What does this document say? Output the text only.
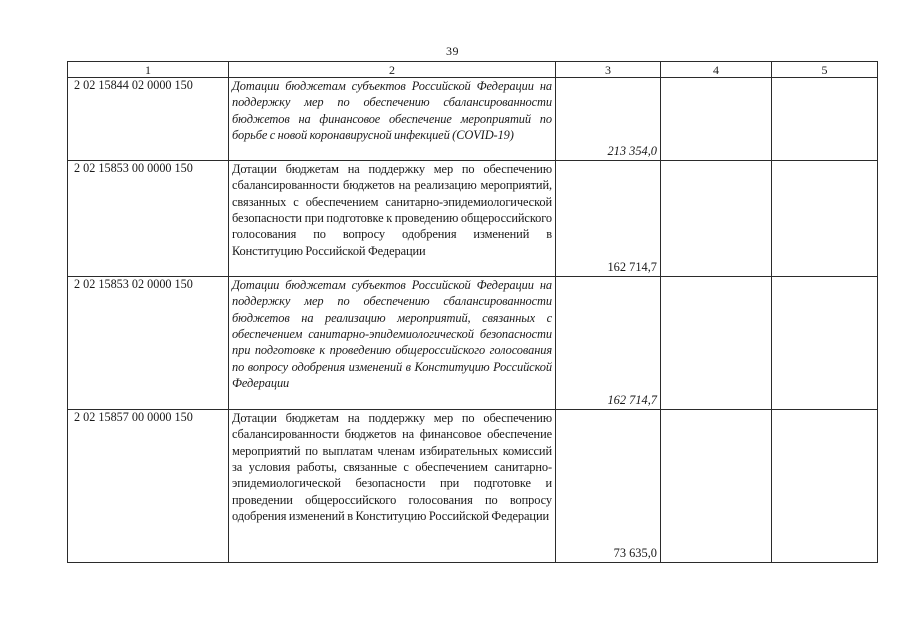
39
1	2	3	4	5
2 02 15844 02 0000 150	Дотации бюджетам субъектов Российской Федерации на поддержку мер по обеспечению сбалансированности бюджетов на финансовое обеспечение мероприятий по борьбе с новой коронавирусной инфекцией (COVID-19)	213 354,0		
2 02 15853 00 0000 150	Дотации бюджетам на поддержку мер по обеспечению сбалансированности бюджетов на реализацию мероприятий, связанных с обеспечением санитарно-эпидемиологической безопасности при подготовке к проведению общероссийского голосования по вопросу одобрения изменений в Конституцию Российской Федерации	162 714,7		
2 02 15853 02 0000 150	Дотации бюджетам субъектов Российской Федерации на поддержку мер по обеспечению сбалансированности бюджетов на реализацию мероприятий, связанных с обеспечением санитарно-эпидемиологической безопасности при подготовке к проведению общероссийского голосования по вопросу одобрения изменений в Конституцию Российской Федерации	162 714,7		
2 02 15857 00 0000 150	Дотации бюджетам на поддержку мер по обеспечению сбалансированности бюджетов на финансовое обеспечение мероприятий по выплатам членам избирательных комиссий за условия работы, связанные с обеспечением санитарно-эпидемиологической безопасности при подготовке и проведении общероссийского голосования по вопросу одобрения изменений в Конституцию Российской Федерации	73 635,0		
